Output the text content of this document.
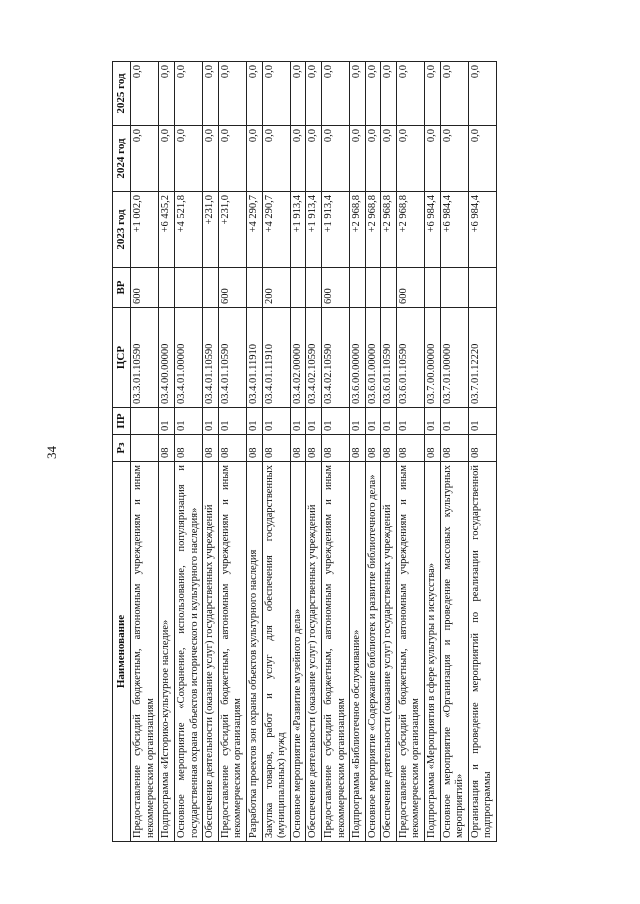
34
Наименование	Рз	ПР	ЦСР	ВР	2023 год	2024 год	2025 год
Предоставление субсидий бюджетным, автономным учреждениям и иным некоммерческим организациям			03.3.01.10590	600	+1 002,0	0,0	0,0
Подпрограмма «Историко-культурное наследие»	08	01	03.4.00.00000		+6 435,2	0,0	0,0
Основное мероприятие «Сохранение, использование, популяризация и государственная охрана объектов исторического и культурного наследия»	08	01	03.4.01.00000		+4 521,8	0,0	0,0
Обеспечение деятельности (оказание услуг) государственных учреждений	08	01	03.4.01.10590		+231,0	0,0	0,0
Предоставление субсидий бюджетным, автономным учреждениям и иным некоммерческим организациям	08	01	03.4.01.10590	600	+231,0	0,0	0,0
Разработка проектов зон охраны объектов культурного наследия	08	01	03.4.01.11910		+4 290,7	0,0	0,0
Закупка товаров, работ и услуг для обеспечения государственных (муниципальных) нужд	08	01	03.4.01.11910	200	+4 290,7	0,0	0,0
Основное мероприятие «Развитие музейного дела»	08	01	03.4.02.00000		+1 913,4	0,0	0,0
Обеспечение деятельности (оказание услуг) государственных учреждений	08	01	03.4.02.10590		+1 913,4	0,0	0,0
Предоставление субсидий бюджетным, автономным учреждениям и иным некоммерческим организациям	08	01	03.4.02.10590	600	+1 913,4	0,0	0,0
Подпрограмма «Библиотечное обслуживание»	08	01	03.6.00.00000		+2 968,8	0,0	0,0
Основное мероприятие «Содержание библиотек и развитие библиотечного дела»	08	01	03.6.01.00000		+2 968,8	0,0	0,0
Обеспечение деятельности (оказание услуг) государственных учреждений	08	01	03.6.01.10590		+2 968,8	0,0	0,0
Предоставление субсидий бюджетным, автономным учреждениям и иным некоммерческим организациям	08	01	03.6.01.10590	600	+2 968,8	0,0	0,0
Подпрограмма «Мероприятия в сфере культуры и искусства»	08	01	03.7.00.00000		+6 984,4	0,0	0,0
Основное мероприятие «Организация и проведение массовых культурных мероприятий»	08	01	03.7.01.00000		+6 984,4	0,0	0,0
Организация и проведение мероприятий по реализации государственной подпрограммы	08	01	03.7.01.12220		+6 984,4	0,0	0,0
